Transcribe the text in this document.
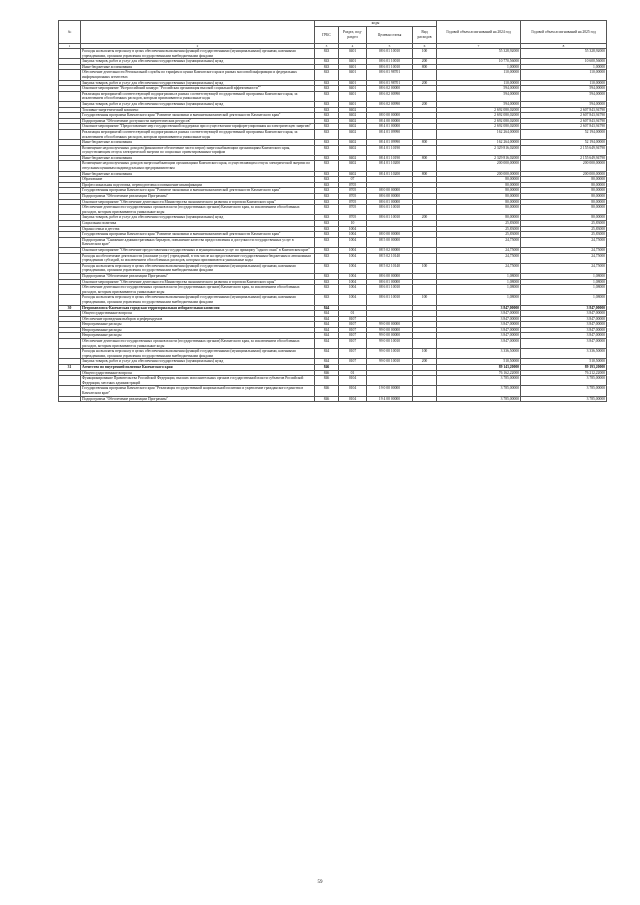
№		коды				Годовой объем ассигнований на 2024 год	Годовой объем ассигнований на 2025 год
		ГРБС	Раздел, под-раздел	Целевая статья	Вид расходов		
1	2	3	4	5	6	7	8
	Расходы на выплаты персоналу в целях обеспечения выполнения функций государственными (муниципальными) органами, казенными учреждениями, органами управления государственными внебюджетными фондами	843	0401	08 6 01 10010	100	55 328,92000	55 328,92000
	Закупка товаров, работ и услуг для обеспечения государственных (муниципальных) нужд	843	0401	08 6 01 10010	200	10 770,56000	10 600,56000
	Иные бюджетные ассигнования	843	0401	08 6 01 10010	800	1,00000	1,00000
	Обеспечение деятельности Региональной службы по тарифам и ценам Камчатского края в рамках массовой информации и федеральных информационных агентствах	843	0401	08 6 01 98701		110,00000	110,00000
	Закупка товаров, работ и услуг для обеспечения государственных (муниципальных) нужд	843	0401	08 6 01 98701	200	110,00000	110,00000
	Основное мероприятие "Всероссийский конкурс "Российская организация высокой социальной эффективности""	843	0401	08 6 02 00000		594,00000	594,00000
	Реализация мероприятий соответствующей подпрограммы в рамках соответствующей государственной программы Камчатского края, за исключением обособленных расходов, которым присваиваются уникальные коды	843	0401	08 6 02 00990		594,00000	594,00000
	Закупка товаров, работ и услуг для обеспечения государственных (муниципальных) нужд	843	0401	08 6 02 00990	200	594,00000	594,00000
	Топливно-энергетический комплекс	843	0402			2 692 080,02000	2 607 843,94790
	Государственная программа Камчатского края "Развитие экономики и внешнеэкономической деятельности Камчатского края"	843	0402	08 0 00 00000		2 692 080,02000	2 607 843,94790
	Подпрограмма "Обеспечение доступности энергетических ресурсов"	843	0402	08 4 00 00000		2 692 080,02000	2 607 843,94790
	Основное мероприятие "Предоставление мер государственной поддержки при осуществлении тарифорегулирования на электрическую энергию"	843	0402	08 4 01 00000		2 692 080,02000	2 607 843,94790
	Реализация мероприятий соответствующей подпрограммы в рамках соответствующей государственной программы Камчатского края, за исключением обособленных расходов, которым присваиваются уникальные коды	843	0402	08 4 01 09990		162 264,00000	52 194,00000
	Иные бюджетные ассигнования	843	0402	08 4 01 09990	800	162 264,00000	52 194,00000
	Возмещение недополученных доходов (финансовое обеспечение части затрат) энергоснабжающим организациям Камчатского края, осуществляющим отпуск электрической энергии по социально ориентированным тарифам	843	0402	08 4 01 10190		2 329 816,02000	2 155 649,94790
	Иные бюджетные ассигнования	843	0402	08 4 01 10190	800	2 329 816,02000	2 155 649,94790
	Возмещение недополученных доходов энергоснабжающим организациям Камчатского края, осуществляющим отпуск электрической энергии по отпускным ценникам индивидуальным предпринимателям	843	0402	08 4 01 10200		200 000,00000	200 000,00000
	Иные бюджетные ассигнования	843	0402	08 4 01 10200	800	200 000,00000	200 000,00000
	Образование	843	07			80,00000	80,00000
	Профессиональная подготовка, переподготовка и повышение квалификации	843	0705			80,00000	80,00000
	Государственная программа Камчатского края "Развитие экономики и внешнеэкономической деятельности Камчатского края"	843	0705	08 0 00 00000		80,00000	80,00000
	Подпрограмма "Обеспечение реализации Программы"	843	0705	08 6 00 00000		80,00000	80,00000
	Основное мероприятие "Обеспечение деятельности Министерства экономического развития и торговли Камчатского края"	843	0705	08 6 01 00000		80,00000	80,00000
	Обеспечение деятельности государственных органов власти (государственных органов) Камчатского края, за исключением обособленных расходов, которым присваиваются уникальные коды	843	0705	08 6 01 10010		80,00000	80,00000
	Закупка товаров, работ и услуг для обеспечения государственных (муниципальных) нужд	843	0705	08 6 01 10010	200	80,00000	80,00000
	Социальная политика	843	10			25,83000	25,83000
	Охрана семьи и детства	843	1004			25,83000	25,83000
	Государственная программа Камчатского края "Развитие экономики и внешнеэкономической деятельности Камчатского края"	843	1004	08 0 00 00000		25,83000	25,83000
	Подпрограмма "Снижение административных барьеров, повышение качества предоставления и доступности государственных услуг в Камчатском крае"	843	1004	08 5 00 00000		24,75000	24,75000
	Основное мероприятие "Обеспечение предоставления государственных и муниципальных услуг по принципу "одного окна" в Камчатском крае"	843	1004	08 5 02 00000		24,75000	24,75000
	Расходы на обеспечение деятельности (оказание услуг) учреждений, в том числе на предоставление государственным бюджетным и автономным учреждениям субсидий, за исключением обособленных расходов, которым присваиваются уникальные коды	843	1004	08 5 02 10140		24,75000	24,75000
	Расходы на выплаты персоналу в целях обеспечения выполнения функций государственными (муниципальными) органами, казенными учреждениями, органами управления государственными внебюджетными фондами	843	1004	08 5 02 10140	100	24,75000	24,75000
	Подпрограмма "Обеспечение реализации Программы"	843	1004	08 6 00 00000		1,08000	1,08000
	Основное мероприятие "Обеспечение деятельности Министерства экономического развития и торговли Камчатского края"	843	1004	08 6 01 00000		1,08000	1,08000
	Обеспечение деятельности государственных органов власти (государственных органов) Камчатского края, за исключением обособленных расходов, которым присваиваются уникальные коды	843	1004	08 6 01 10010		1,08000	1,08000
	Расходы на выплаты персоналу в целях обеспечения выполнения функций государственными (муниципальными) органами, казенными учреждениями, органами управления государственными внебюджетными фондами	843	1004	08 6 01 10010	100	1,08000	1,08000
30	Петропавловск-Камчатская городская территориальная избирательная комиссия	844				3 847,00000	3 847,00000
	Общегосударственные вопросы	844	01			3 847,00000	3 847,00000
	Обеспечение проведения выборов и референдумов	844	0107			3 847,00000	3 847,00000
	Непрограммные расходы	844	0107	99 0 00 00000		3 847,00000	3 847,00000
	Непрограммные расходы	844	0107	99 0 00 00000		3 847,00000	3 847,00000
	Непрограммные расходы	844	0107	99 0 00 00000		3 847,00000	3 847,00000
	Обеспечение деятельности государственных органов власти (государственных органов) Камчатского края, за исключением обособленных расходов, которым присваиваются уникальные коды	844	0107	99 0 00 10010		3 847,00000	3 847,00000
	Расходы на выплаты персоналу в целях обеспечения выполнения функций государственными (муниципальными) органами, казенными учреждениями, органами управления государственными внебюджетными фондами	844	0107	99 0 00 10010	100	3 336,50000	3 336,50000
	Закупка товаров, работ и услуг для обеспечения государственных (муниципальных) нужд	844	0107	99 0 00 10010	200	510,50000	510,50000
31	Агентство по внутренней политике Камчатского края	846				89 143,20000	89 193,20000
	Общегосударственные вопросы	846	01			76 162,22000	76 212,22000
	Функционирование Правительства Российской Федерации, высших исполнительных органов государственной власти субъектов Российской Федерации, местных администраций	846	0104			3 785,00000	3 785,00000
	Государственная программа Камчатского края "Реализация государственной национальной политики и укрепление гражданского единства в Камчатском крае"	846	0104	19 0 00 00000		3 785,00000	3 785,00000
	Подпрограмма "Обеспечение реализации Программы"	846	0104	19 4 00 00000		3 785,00000	3 785,00000
59
